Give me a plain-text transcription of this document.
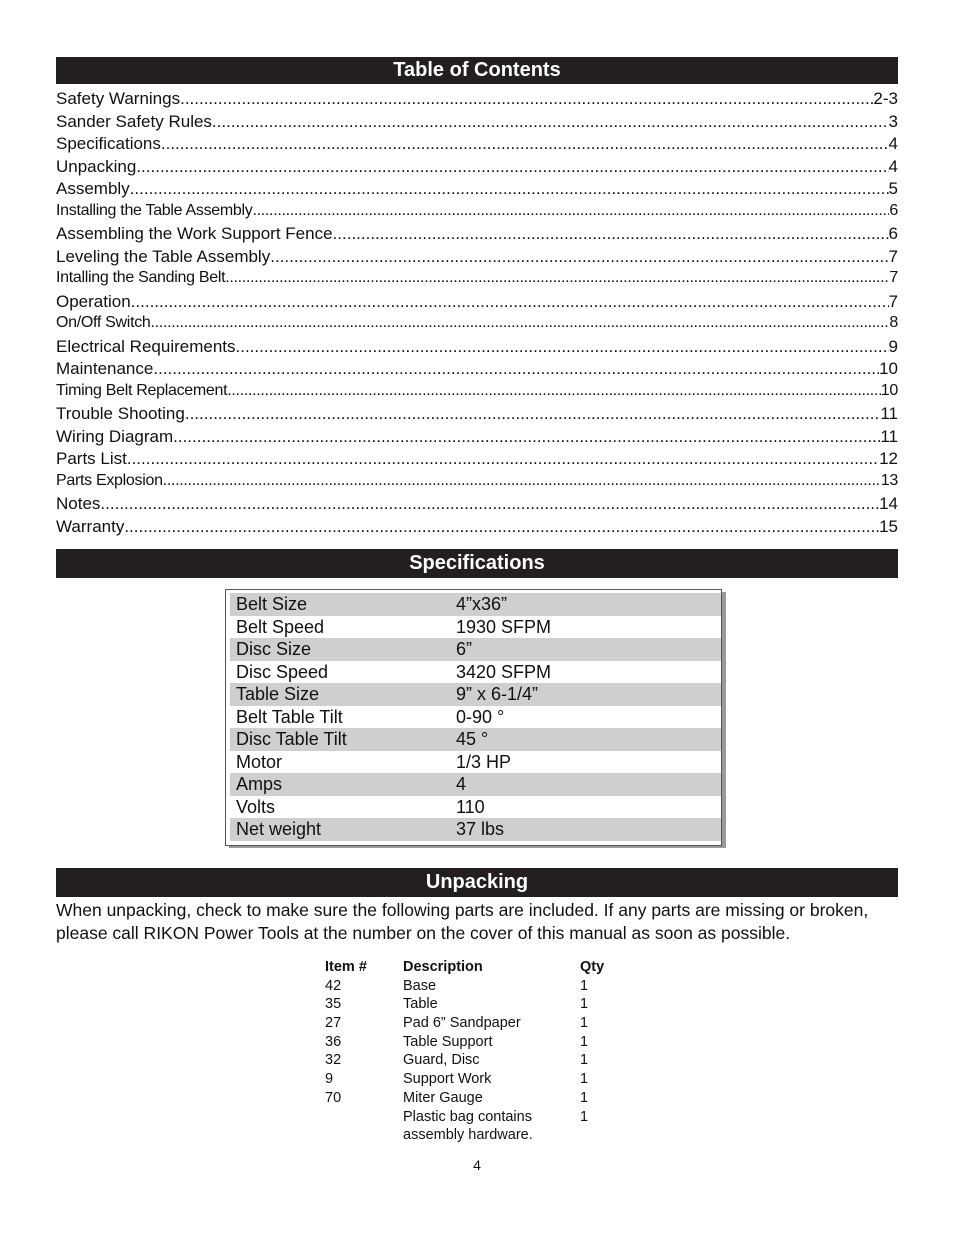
Table of Contents
Safety Warnings .....	2-3
Sander Safety Rules .....	3
Specifications .....	4
Unpacking .....	4
Assembly .....	5
Installing the Table Assembly .....	6
Assembling the Work Support Fence .....	6
Leveling the Table Assembly .....	7
Intalling the Sanding Belt .....	7
Operation .....	7
On/Off Switch .....	8
Electrical Requirements .....	9
Maintenance .....	10
Timing Belt Replacement .....	10
Trouble Shooting .....	11
Wiring Diagram .....	11
Parts List .....	12
Parts Explosion .....	13
Notes .....	14
Warranty .....	15
Specifications
Belt Size	4”x36”
Belt Speed	1930 SFPM
Disc Size	6”
Disc Speed	3420 SFPM
Table Size	9” x 6-1/4”
Belt Table Tilt	0-90 °
Disc Table Tilt	45 °
Motor	1/3 HP
Amps	4
Volts	110
Net weight	37 lbs
Unpacking

When unpacking, check to make sure the following parts are included. If any parts are missing or broken, please call RIKON Power Tools at the number on the cover of this manual as soon as possible.

Item # Description	Qty
42	Base	1
35	Table	1
27	Pad 6” Sandpaper	1
36	Table Support	1
32	Guard, Disc	1
9	Support Work	1
70	Miter Gauge	1
Plastic bag contains	1
assembly hardware.
4
